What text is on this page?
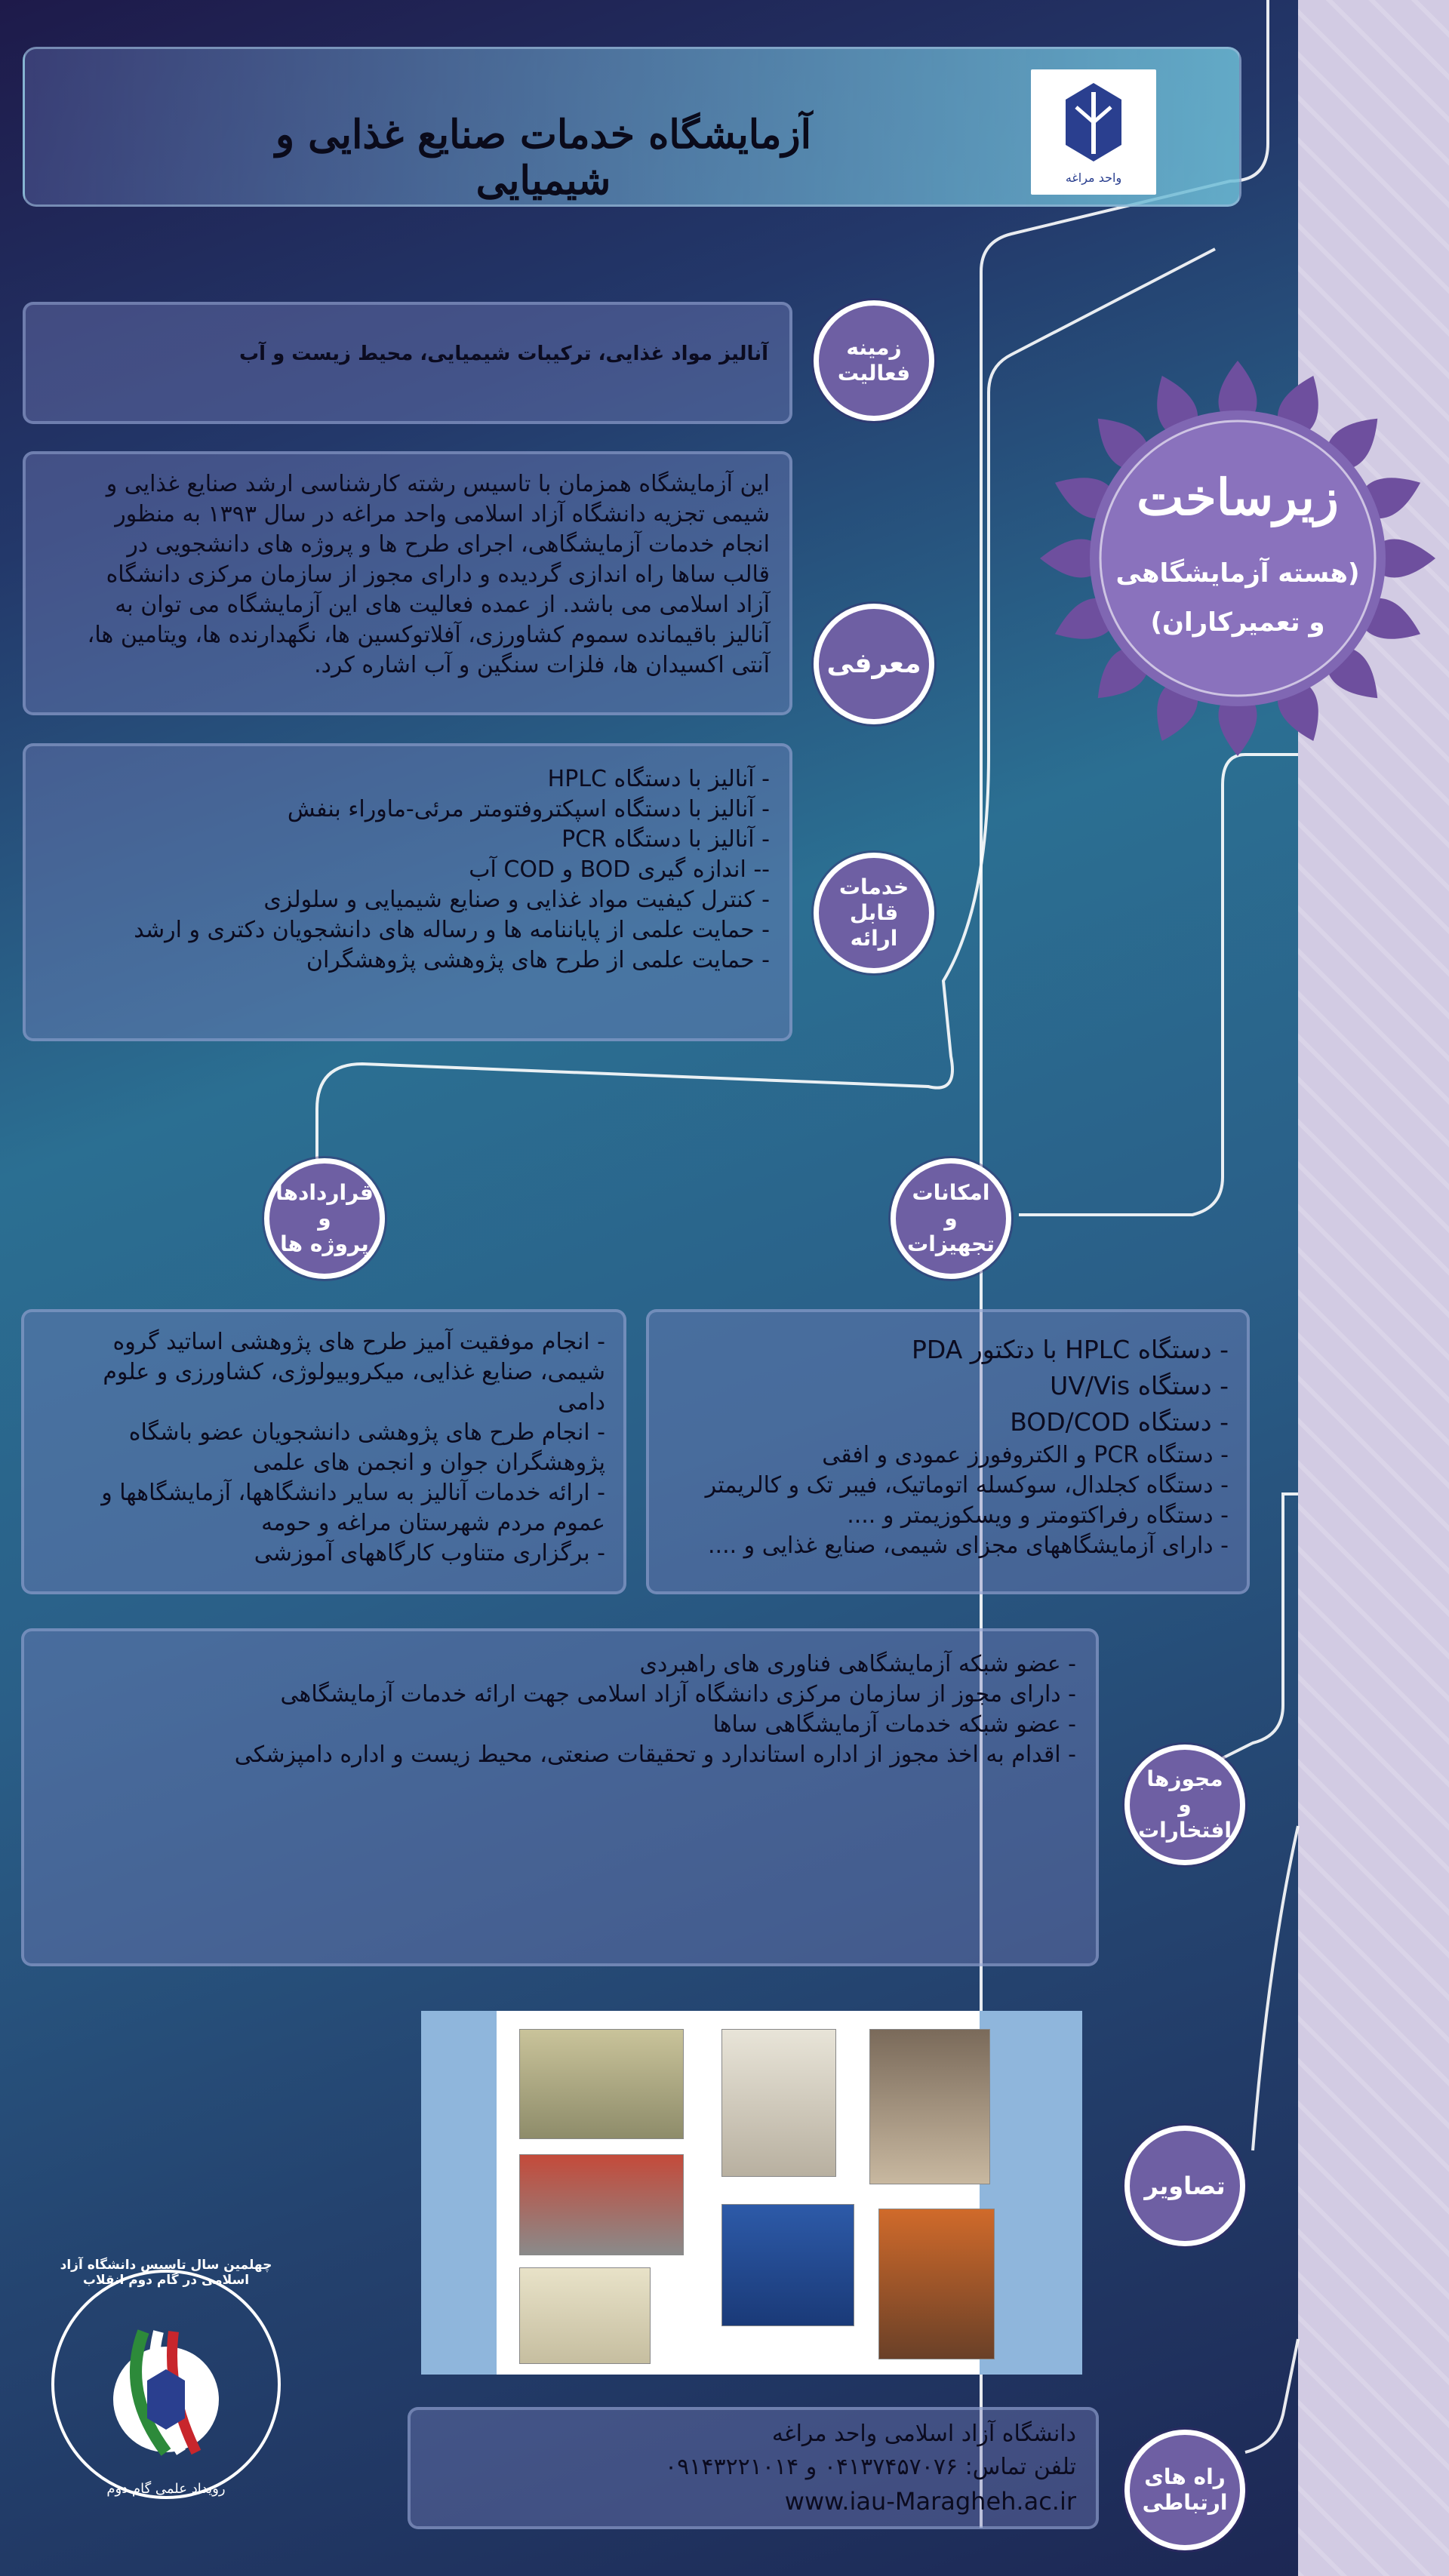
واحد مراغه
آزمایشگاه خدمات صنایع غذایی و شیمیایی
زیرساخت
(هسته آزمایشگاهی
و تعمیرکاران)
آنالیز مواد غذایی، ترکیبات شیمیایی، محیط زیست و آب	زمینه
فعالیت
این آزمایشگاه همزمان با تاسیس رشته کارشناسی ارشد صنایع غذایی و
شیمی تجزیه دانشگاه آزاد اسلامی واحد مراغه در سال ۱۳۹۳ به منظور
انجام خدمات آزمایشگاهی، اجرای طرح ها و پروژه های دانشجویی در
قالب ساها راه اندازی گردیده و دارای مجوز از سازمان مرکزی دانشگاه
آزاد اسلامی می باشد. از عمده فعالیت های این آزمایشگاه می توان به
آنالیز باقیمانده سموم کشاورزی، آفلاتوکسین ها، نگهدارنده ها، ویتامین ها،
آنتی اکسیدان ها، فلزات سنگین و آب اشاره کرد.	معرفی
- آنالیز با دستگاه HPLC
- آنالیز با دستگاه اسپکتروفتومتر مرئی-ماوراء بنفش
- آنالیز با دستگاه PCR
-- اندازه گیری BOD و COD آب
- کنترل کیفیت مواد غذایی و صنایع شیمیایی و سلولزی
- حمایت علمی از پایاننامه ها و رساله های دانشجویان دکتری و ارشد
- حمایت علمی از طرح های پژوهشی پژوهشگران
خدمات
قابل ارائه
قراردادها و
پروژه ها
امکانات و
تجهیزات
- انجام موفقیت آمیز طرح های پژوهشی اساتید گروه
شیمی، صنایع غذایی، میکروبیولوژی، کشاورزی و علوم
دامی
- انجام طرح های پژوهشی دانشجویان عضو باشگاه
پژوهشگران جوان و انجمن های علمی
- ارائه خدمات آنالیز به سایر دانشگاهها، آزمایشگاهها و
عموم مردم شهرستان مراغه و حومه
- برگزاری متناوب کارگاههای آموزشی
- دستگاه HPLC با دتکتور PDA
- دستگاه UV/Vis
- دستگاه BOD/COD
- دستگاه PCR و الکتروفورز عمودی و افقی
- دستگاه کجلدال، سوکسله اتوماتیک، فیبر تک و کالریمتر
- دستگاه رفراکتومتر و ویسکوزیمتر و ....
- دارای آزمایشگاههای مجزای شیمی، صنایع غذایی و ....
- عضو شبکه آزمایشگاهی فناوری های راهبردی
- دارای مجوز از سازمان مرکزی دانشگاه آزاد اسلامی جهت ارائه خدمات آزمایشگاهی
- عضو شبکه خدمات آزمایشگاهی ساها
- اقدام به اخذ مجوز از اداره استاندارد و تحقیقات صنعتی، محیط زیست و اداره دامپزشکی
مجوزها
و افتخارات
تصاویر
دانشگاه آزاد اسلامی واحد مراغه
تلفن تماس: ۰۴۱۳۷۴۵۷۰۷۶ و ۰۹۱۴۳۲۲۱۰۱۴
www.iau-Maragheh.ac.ir
راه های
ارتباطی
چهلمین سال تاسیس دانشگاه آزاد اسلامی در گام دوم انقلاب
رویداد علمی گام دوم
